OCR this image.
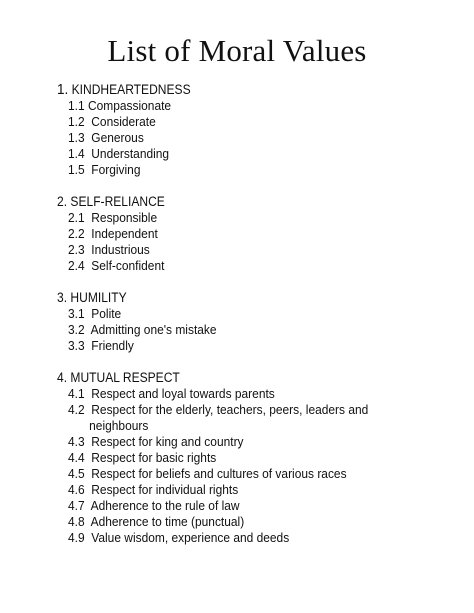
List of Moral Values
1. KINDHEARTEDNESS
1.1 Compassionate
1.2 Considerate
1.3 Generous
1.4 Understanding
1.5 Forgiving
2. SELF-RELIANCE
2.1 Responsible
2.2 Independent
2.3 Industrious
2.4 Self-confident
3. HUMILITY
3.1 Polite
3.2 Admitting one's mistake
3.3 Friendly
4. MUTUAL RESPECT
4.1 Respect and loyal towards parents
4.2 Respect for the elderly, teachers, peers, leaders and
neighbours
4.3 Respect for king and country
4.4 Respect for basic rights
4.5 Respect for beliefs and cultures of various races
4.6 Respect for individual rights
4.7 Adherence to the rule of law
4.8 Adherence to time (punctual)
4.9 Value wisdom, experience and deeds
